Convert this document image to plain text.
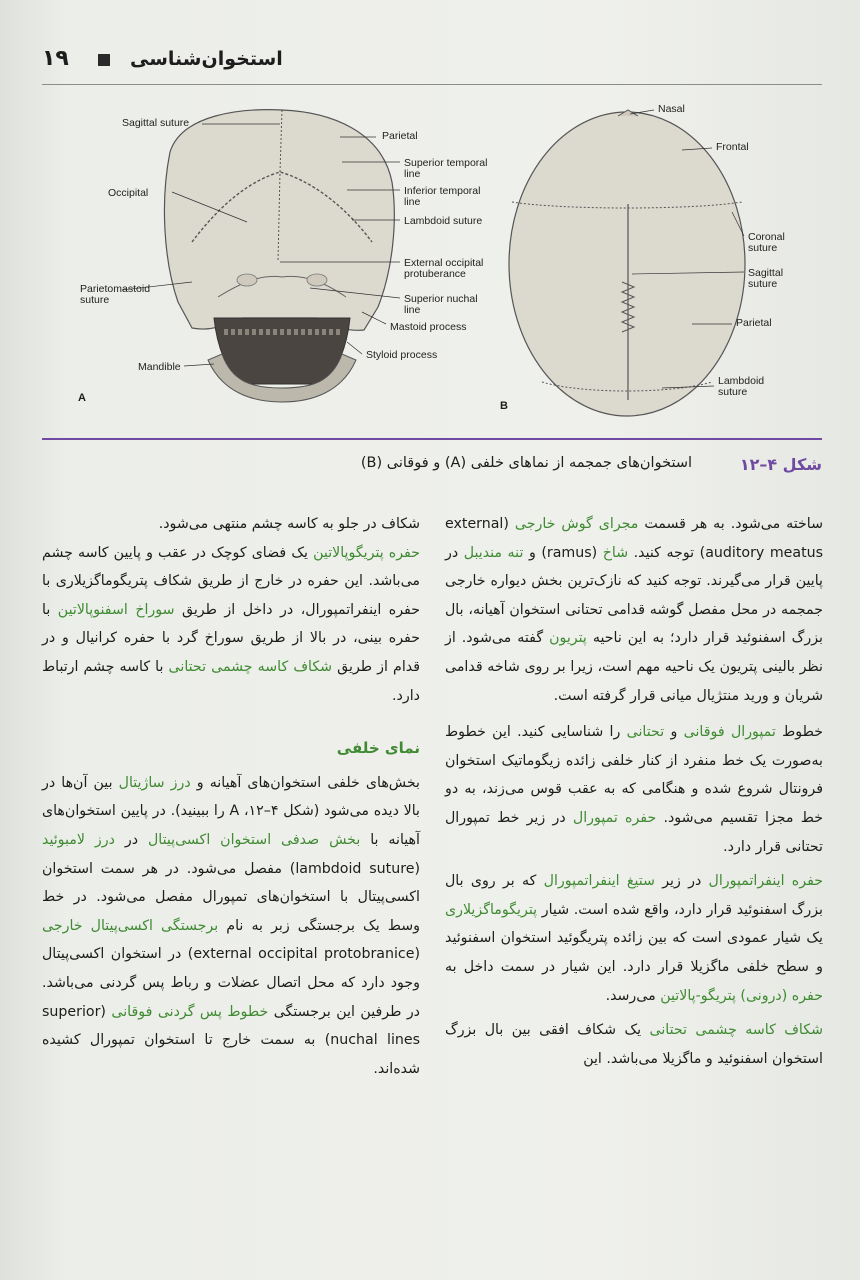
۱۹	استخوان‌شناسی
Sagittal suture
Parietal
Superior temporal line
Inferior temporal line
Occipital
Lambdoid suture
External occipital protuberance
Parietomastoid suture	Superior nuchal line
Mastoid process
Styloid process
Mandible
A
Nasal
Frontal
Coronal suture
Sagittal suture
Parietal
Lambdoid suture
B
شکل ۴–۱۲
استخوان‌های جمجمه از نماهای خلفی (A) و فوقانی (B)

ساخته می‌شود. به هر قسمت مجرای گوش خارجی (external auditory meatus) توجه کنید. شاخ (ramus) و تنه مندیبل در پایین قرار می‌گیرند. توجه کنید که نازک‌ترین بخش دیواره خارجی جمجمه در محل مفصل گوشه قدامی تحتانی استخوان آهیانه، بال بزرگ اسفنوئید قرار دارد؛ به این ناحیه پتریون گفته می‌شود. از نظر بالینی پتریون یک ناحیه مهم است، زیرا بر روی شاخه قدامی شریان و ورید منتژیال میانی قرار گرفته است.

خطوط تمپورال فوقانی و تحتانی را شناسایی کنید. این خطوط به‌صورت یک خط منفرد از کنار خلفی زائده زیگوماتیک استخوان فرونتال شروع شده و هنگامی که به عقب قوس می‌زند، به دو خط مجزا تقسیم می‌شود. حفره تمپورال در زیر خط تمپورال تحتانی قرار دارد.

حفره اینفراتمپورال در زیر ستیغ اینفراتمپورال که بر روی بال بزرگ اسفنوئید قرار دارد، واقع شده است. شیار پتریگوماگزیلاری یک شیار عمودی است که بین زائده پتریگوئید استخوان اسفنوئید و سطح خلفی ماگزیلا قرار دارد. این شیار در سمت داخل به حفره (درونی) پتریگو-پالاتین می‌رسد.

شکاف کاسه چشمی تحتانی یک شکاف افقی بین بال بزرگ استخوان اسفنوئید و ماگزیلا می‌باشد. این

شکاف در جلو به کاسه چشم منتهی می‌شود.

حفره پتریگوپالاتین یک فضای کوچک در عقب و پایین کاسه چشم می‌باشد. این حفره در خارج از طریق شکاف پتریگوماگزیلاری با حفره اینفراتمپورال، در داخل از طریق سوراخ اسفنوپالاتین با حفره بینی، در بالا از طریق سوراخ گرد با حفره کرانیال و در قدام از طریق شکاف کاسه چشمی تحتانی با کاسه چشم ارتباط دارد.

نمای خلفی

بخش‌های خلفی استخوان‌های آهیانه و درز ساژیتال بین آن‌ها در بالا دیده می‌شود (شکل ۴–۱۲، A را ببینید). در پایین استخوان‌های آهیانه با بخش صدفی استخوان اکسی‌پیتال در درز لامبوئید (lambdoid suture) مفصل می‌شود. در هر سمت استخوان اکسی‌پیتال با استخوان‌های تمپورال مفصل می‌شود. در خط وسط یک برجستگی زبر به نام برجستگی اکسی‌پیتال خارجی (external occipital protobranice) در استخوان اکسی‌پیتال وجود دارد که محل اتصال عضلات و رباط پس گردنی می‌باشد. در طرفین این برجستگی خطوط پس گردنی فوقانی (superior nuchal lines) به سمت خارج تا استخوان تمپورال کشیده شده‌اند.
